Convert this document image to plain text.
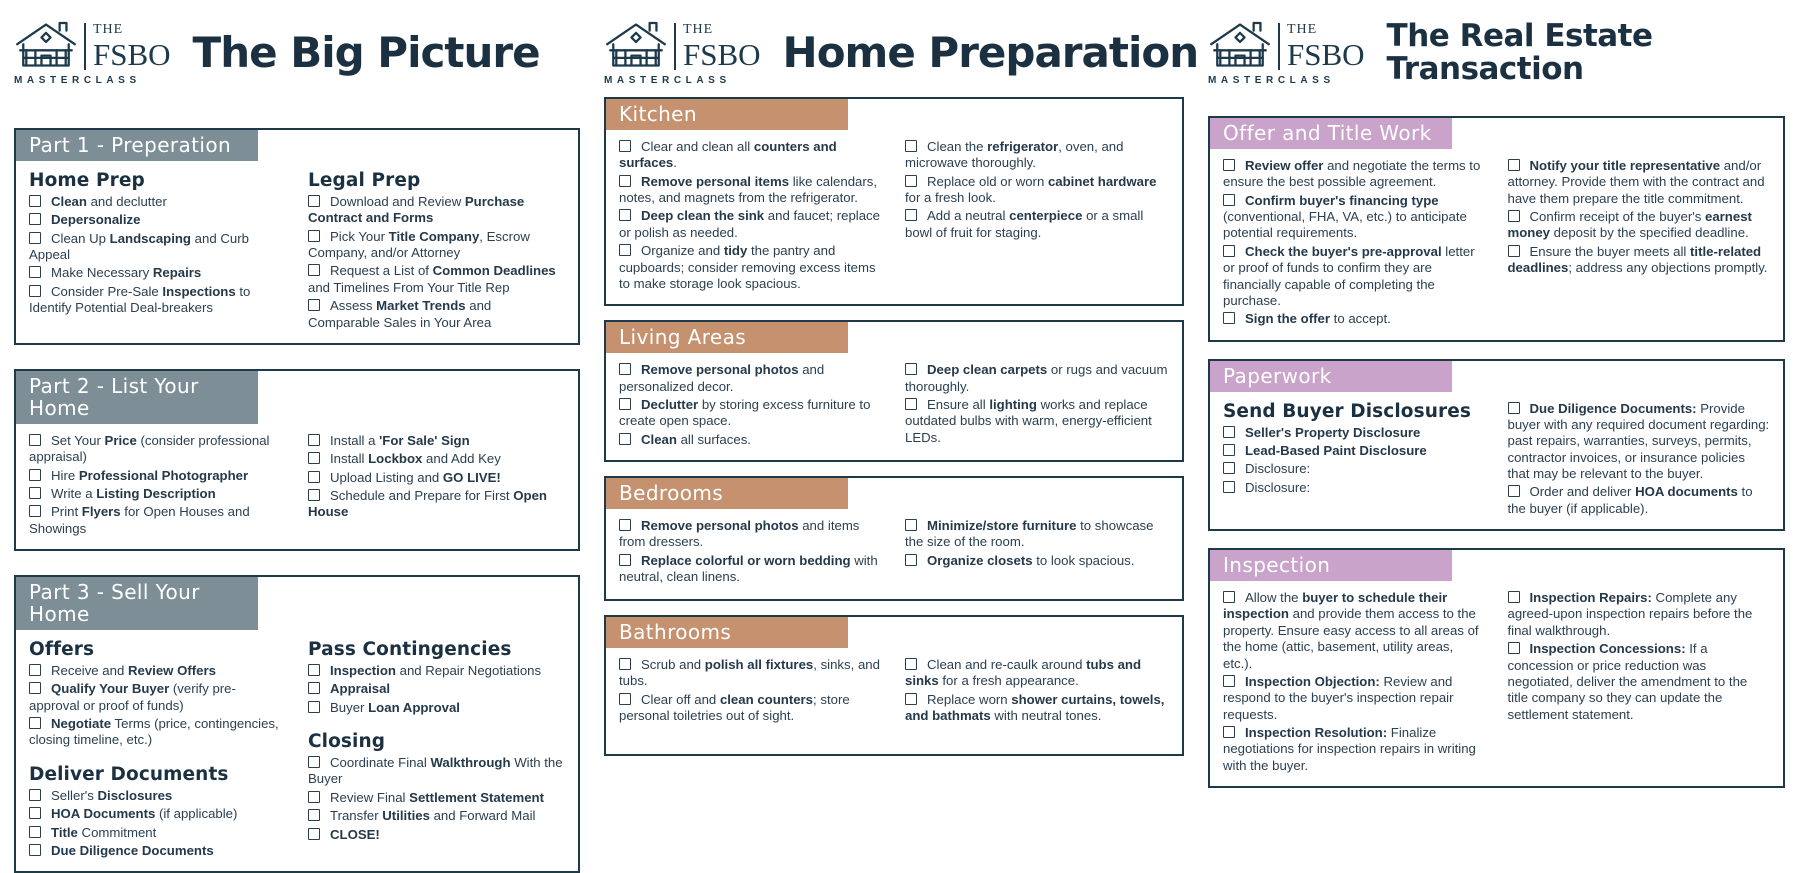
THE
FSBO
MASTERCLASS
The Big Picture
Part 1 - Preperation
Home Prep

Clean and declutter

Depersonalize

Clean Up Landscaping and Curb Appeal

Make Necessary Repairs

Consider Pre-Sale Inspections to Identify Potential Deal-breakers

Legal Prep

Download and Review Purchase Contract and Forms

Pick Your Title Company, Escrow Company, and/or Attorney

Request a List of Common Deadlines and Timelines From Your Title Rep

Assess Market Trends and Comparable Sales in Your Area

Part 2 - List Your Home

Set Your Price (consider professional appraisal)

Hire Professional Photographer

Write a Listing Description

Print Flyers for Open Houses and Showings

Install a 'For Sale' Sign

Install Lockbox and Add Key

Upload Listing and GO LIVE!

Schedule and Prepare for First Open House

Part 3 - Sell Your Home
Offers

Receive and Review Offers

Qualify Your Buyer (verify pre-approval or proof of funds)

Negotiate Terms (price, contingencies, closing timeline, etc.)

Deliver Documents

Seller's Disclosures

HOA Documents (if applicable)

Title Commitment

Due Diligence Documents

Pass Contingencies

Inspection and Repair Negotiations

Appraisal

Buyer Loan Approval

Closing

Coordinate Final Walkthrough With the Buyer

Review Final Settlement Statement

Transfer Utilities and Forward Mail

CLOSE!

THE
FSBO
MASTERCLASS
Home Preparation
Kitchen

Clear and clean all counters and surfaces.

Remove personal items like calendars, notes, and magnets from the refrigerator.

Deep clean the sink and faucet; replace or polish as needed.

Organize and tidy the pantry and cupboards; consider removing excess items to make storage look spacious.

Clean the refrigerator, oven, and microwave thoroughly.

Replace old or worn cabinet hardware for a fresh look.

Add a neutral centerpiece or a small bowl of fruit for staging.

Living Areas

Remove personal photos and personalized decor.

Declutter by storing excess furniture to create open space.

Clean all surfaces.

Deep clean carpets or rugs and vacuum thoroughly.

Ensure all lighting works and replace outdated bulbs with warm, energy-efficient LEDs.

Bedrooms

Remove personal photos and items from dressers.

Replace colorful or worn bedding with neutral, clean linens.

Minimize/store furniture to showcase the size of the room.

Organize closets to look spacious.

Bathrooms

Scrub and polish all fixtures, sinks, and tubs.

Clear off and clean counters; store personal toiletries out of sight.

Clean and re-caulk around tubs and sinks for a fresh appearance.

Replace worn shower curtains, towels, and bathmats with neutral tones.

THE
FSBO
MASTERCLASS
The Real Estate Transaction
Offer and Title Work

Review offer and negotiate the terms to ensure the best possible agreement.

Confirm buyer's financing type (conventional, FHA, VA, etc.) to anticipate potential requirements.

Check the buyer's pre-approval letter or proof of funds to confirm they are financially capable of completing the purchase.

Sign the offer to accept.

Notify your title representative and/or attorney. Provide them with the contract and have them prepare the title commitment.

Confirm receipt of the buyer's earnest money deposit by the specified deadline.

Ensure the buyer meets all title-related deadlines; address any objections promptly.

Paperwork
Send Buyer Disclosures

Seller's Property Disclosure

Lead-Based Paint Disclosure

Disclosure:

Disclosure:

Due Diligence Documents: Provide buyer with any required document regarding: past repairs, warranties, surveys, permits, contractor invoices, or insurance policies that may be relevant to the buyer.

Order and deliver HOA documents to the buyer (if applicable).

Inspection

Allow the buyer to schedule their inspection and provide them access to the property. Ensure easy access to all areas of the home (attic, basement, utility areas, etc.).

Inspection Objection: Review and respond to the buyer's inspection repair requests.

Inspection Resolution: Finalize negotiations for inspection repairs in writing with the buyer.

Inspection Repairs: Complete any agreed-upon inspection repairs before the final walkthrough.

Inspection Concessions: If a concession or price reduction was negotiated, deliver the amendment to the title company so they can update the settlement statement.
